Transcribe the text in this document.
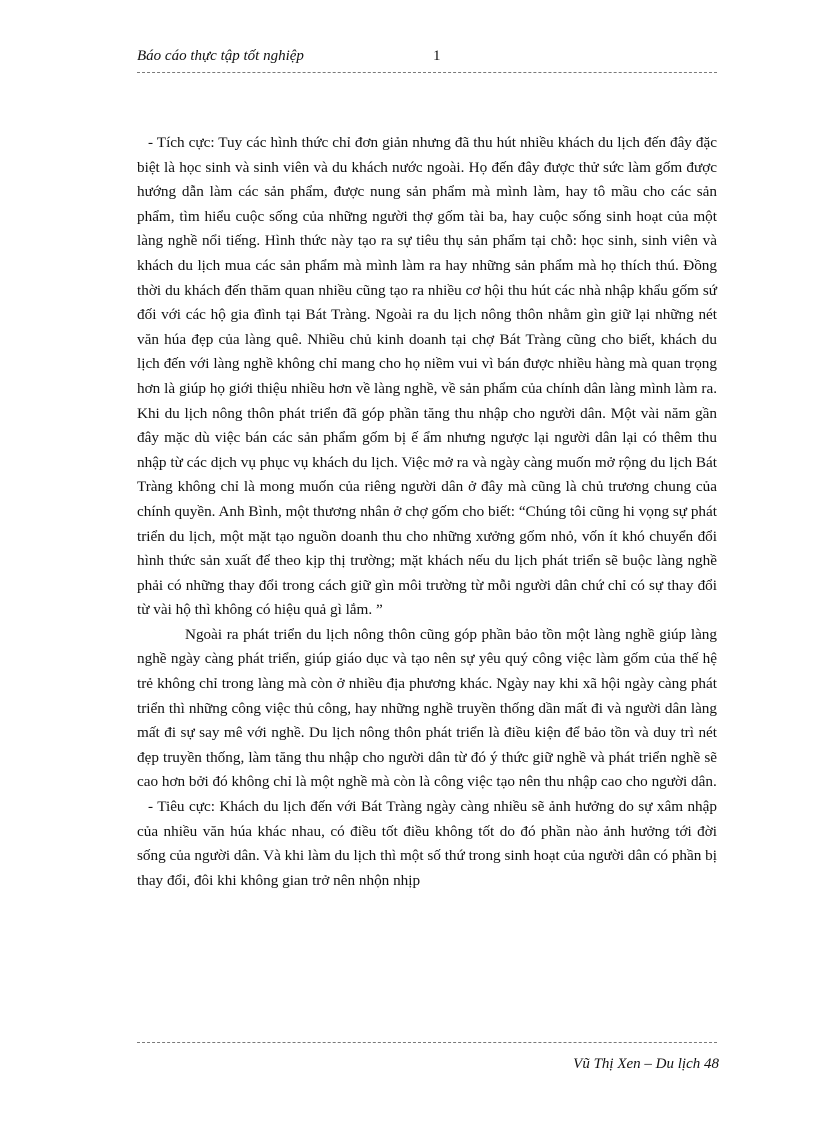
Báo cáo thực tập tốt nghiệp	1

- Tích cực: Tuy các hình thức chỉ đơn giản nhưng đã thu hút nhiều khách du lịch đến đây đặc biệt là học sinh và sinh viên và du khách nước ngoài. Họ đến đây được thử sức làm gốm được hướng dẫn làm các sản phẩm, được nung sản phẩm mà mình làm, hay tô mầu cho các sản phẩm, tìm hiểu cuộc sống của những người thợ gốm tài ba, hay cuộc sống sinh hoạt của một làng nghề nổi tiếng. Hình thức này tạo ra sự tiêu thụ sản phẩm tại chỗ: học sinh, sinh viên và khách du lịch mua các sản phẩm mà mình làm ra hay những sản phẩm mà họ thích thú. Đồng thời du khách đến thăm quan nhiều cũng tạo ra nhiều cơ hội thu hút các nhà nhập khẩu gốm sứ đối với các hộ gia đình tại Bát Tràng. Ngoài ra du lịch nông thôn nhằm gìn giữ lại những nét văn húa đẹp của làng quê. Nhiều chủ kinh doanh tại chợ Bát Tràng cũng cho biết, khách du lịch đến với làng nghề không chỉ mang cho họ niềm vui vì bán được nhiều hàng mà quan trọng hơn là giúp họ giới thiệu nhiều hơn về làng nghề, về sản phẩm của chính dân làng mình làm ra. Khi du lịch nông thôn phát triển đã góp phần tăng thu nhập cho người dân. Một vài năm gần đây mặc dù việc bán các sản phẩm gốm bị ế ẩm nhưng ngược lại người dân lại có thêm thu nhập từ các dịch vụ phục vụ khách du lịch. Việc mở ra và ngày càng muốn mở rộng du lịch Bát Tràng không chỉ là mong muốn của riêng người dân ở đây mà cũng là chủ trương chung của chính quyền. Anh Bình, một thương nhân ở chợ gốm cho biết: “Chúng tôi cũng hi vọng sự phát triển du lịch, một mặt tạo nguồn doanh thu cho những xưởng gốm nhỏ, vốn ít khó chuyển đổi hình thức sản xuất để theo kịp thị trường; mặt khách nếu du lịch phát triển sẽ buộc làng nghề phải có những thay đổi trong cách giữ gìn môi trường từ mỗi người dân chứ chỉ có sự thay đổi từ vài hộ thì không có hiệu quả gì lắm. ”

Ngoài ra phát triển du lịch nông thôn cũng góp phần bảo tồn một làng nghề giúp làng nghề ngày càng phát triển, giúp giáo dục và tạo nên sự yêu quý công việc làm gốm của thế hệ trẻ không chỉ trong làng mà còn ở nhiều địa phương khác. Ngày nay khi xã hội ngày càng phát triển thì những công việc thủ công, hay những nghề truyền thống dần mất đi và người dân làng mất đi sự say mê với nghề. Du lịch nông thôn phát triển là điều kiện để bảo tồn và duy trì nét đẹp truyền thống, làm tăng thu nhập cho người dân từ đó ý thức giữ nghề và phát triển nghề sẽ cao hơn bởi đó không chỉ là một nghề mà còn là công việc tạo nên thu nhập cao cho người dân.

- Tiêu cực: Khách du lịch đến với Bát Tràng ngày càng nhiều sẽ ảnh hưởng do sự xâm nhập của nhiều văn húa khác nhau, có điều tốt điều không tốt do đó phần nào ảnh hưởng tới đời sống của người dân. Và khi làm du lịch thì một số thứ trong sinh hoạt của người dân có phần bị thay đổi, đôi khi không gian trở nên nhộn nhịp

Vũ Thị Xen – Du lịch 48
